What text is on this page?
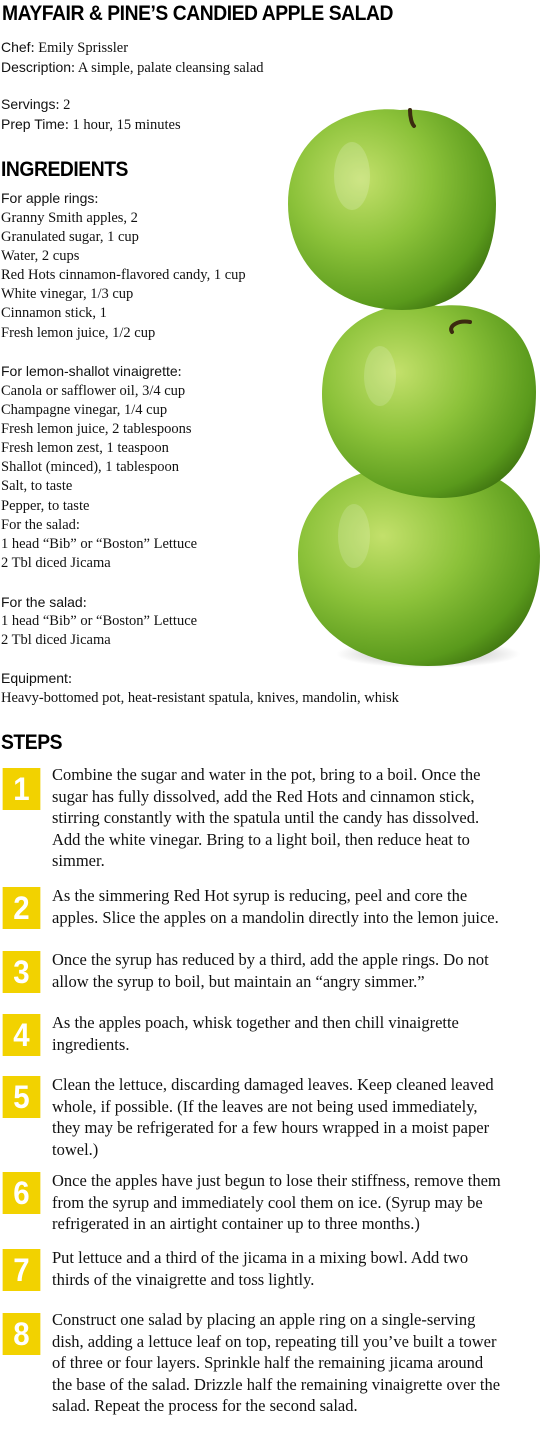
MAYFAIR & PINE’S CANDIED APPLE SALAD
Chef: Emily Sprissler
Description: A simple, palate cleansing salad
Servings: 2
Prep Time: 1 hour, 15 minutes
INGREDIENTS
For apple rings:
Granny Smith apples, 2
Granulated sugar, 1 cup
Water, 2 cups
Red Hots cinnamon-flavored candy, 1 cup
White vinegar, 1/3 cup
Cinnamon stick, 1
Fresh lemon juice, 1/2 cup
For lemon-shallot vinaigrette:
Canola or safflower oil, 3/4 cup
Champagne vinegar, 1/4 cup
Fresh lemon juice, 2 tablespoons
Fresh lemon zest, 1 teaspoon
Shallot (minced), 1 tablespoon
Salt, to taste
Pepper, to taste
For the salad:
1 head “Bib” or “Boston” Lettuce
2 Tbl diced Jicama
For the salad:
1 head “Bib” or “Boston” Lettuce
2 Tbl diced Jicama
Equipment:
Heavy-bottomed pot, heat-resistant spatula, knives, mandolin, whisk
STEPS
1	Combine the sugar and water in the pot, bring to a boil. Once the
sugar has fully dissolved, add the Red Hots and cinnamon stick,
stirring constantly with the spatula until the candy has dissolved.
Add the white vinegar. Bring to a light boil, then reduce heat to
simmer.
2	As the simmering Red Hot syrup is reducing, peel and core the
apples. Slice the apples on a mandolin directly into the lemon juice.
3	Once the syrup has reduced by a third, add the apple rings. Do not
allow the syrup to boil, but maintain an “angry simmer.”
4	As the apples poach, whisk together and then chill vinaigrette
ingredients.
5	Clean the lettuce, discarding damaged leaves. Keep cleaned leaved
whole, if possible. (If the leaves are not being used immediately,
they may be refrigerated for a few hours wrapped in a moist paper
towel.)
6	Once the apples have just begun to lose their stiffness, remove them
from the syrup and immediately cool them on ice. (Syrup may be
refrigerated in an airtight container up to three months.)
7	Put lettuce and a third of the jicama in a mixing bowl. Add two
thirds of the vinaigrette and toss lightly.
8	Construct one salad by placing an apple ring on a single-serving
dish, adding a lettuce leaf on top, repeating till you’ve built a tower
of three or four layers. Sprinkle half the remaining jicama around
the base of the salad. Drizzle half the remaining vinaigrette over the
salad. Repeat the process for the second salad.
